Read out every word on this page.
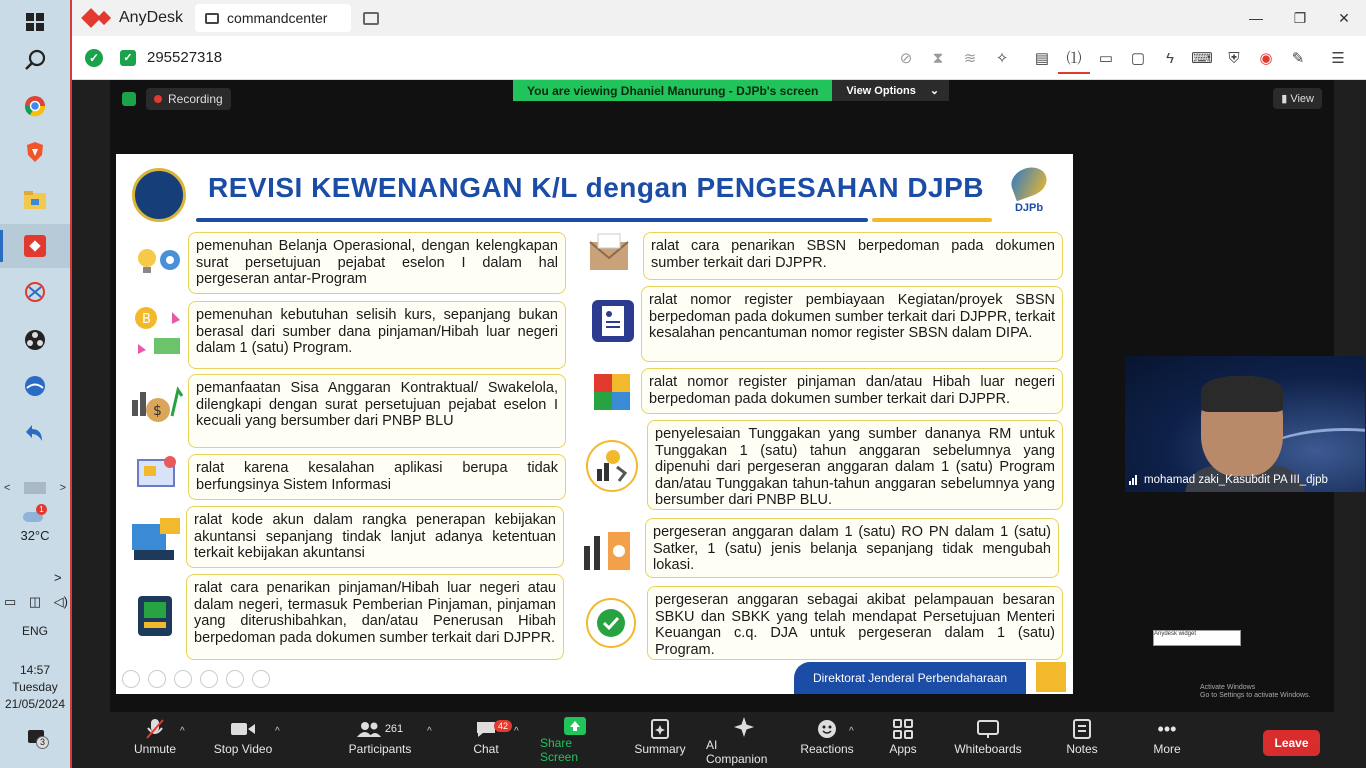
<	>
1
32°C
>
▭ ◫ ◁)
ENG
14:57
Tuesday
21/05/2024
3
AnyDesk	commandcenter	—	❐	✕
✓	✓ 295527318	⊘	⧗	≋	✧	▤	⑴	▭	▢	ϟ	⌨	⛨	◉	✎	☰
Recording
You are viewing Dhaniel Manurung - DJPb's screen	View Options ⌄
▮ View
REVISI KEWENANGAN K/L dengan PENGESAHAN DJPB
DJPb
B
$
pemenuhan Belanja Operasional, dengan kelengkapan surat persetujuan pejabat eselon I dalam hal pergeseran antar-Program
pemenuhan kebutuhan selisih kurs, sepanjang bukan berasal dari sumber dana pinjaman/Hibah luar negeri dalam 1 (satu) Program.
pemanfaatan Sisa Anggaran Kontraktual/ Swakelola, dilengkapi dengan surat persetujuan pejabat eselon I kecuali yang bersumber dari PNBP BLU
ralat karena kesalahan aplikasi berupa tidak berfungsinya Sistem Informasi
ralat kode akun dalam rangka penerapan kebijakan akuntansi sepanjang tindak lanjut adanya ketentuan terkait kebijakan akuntansi
ralat cara penarikan pinjaman/Hibah luar negeri atau dalam negeri, termasuk Pemberian Pinjaman, pinjaman yang diterushibahkan, dan/atau Penerusan Hibah berpedoman pada dokumen sumber terkait dari DJPPR.
ralat cara penarikan SBSN berpedoman pada dokumen sumber terkait dari DJPPR.
ralat nomor register pembiayaan Kegiatan/proyek SBSN berpedoman pada dokumen sumber terkait dari DJPPR, terkait kesalahan pencantuman nomor register SBSN dalam DIPA.
ralat nomor register pinjaman dan/atau Hibah luar negeri berpedoman pada dokumen sumber terkait dari DJPPR.
penyelesaian Tunggakan yang sumber dananya RM untuk Tunggakan 1 (satu) tahun anggaran sebelumnya yang dipenuhi dari pergeseran anggaran dalam 1 (satu) Program dan/atau Tunggakan tahun-tahun anggaran sebelumnya yang bersumber dari PNBP BLU.
pergeseran anggaran dalam 1 (satu) RO PN dalam 1 (satu) Satker, 1 (satu) jenis belanja sepanjang tidak mengubah lokasi.
pergeseran anggaran sebagai akibat pelampauan besaran SBKU dan SBKK yang telah mendapat Persetujuan Menteri Keuangan c.q. DJA untuk pergeseran dalam 1 (satu) Program.
Direktorat Jenderal Perbendaharaan
mohamad zaki_Kasubdit PA III_djpb
Anydesk widget
Activate Windows
Go to Settings to activate Windows.
Unmute
^
Stop Video
^	261
Participants
^	42
Chat
^
Share Screen
Summary AI Companion
Reactions
^
Apps	Whiteboards	Notes
•••
More	Leave
